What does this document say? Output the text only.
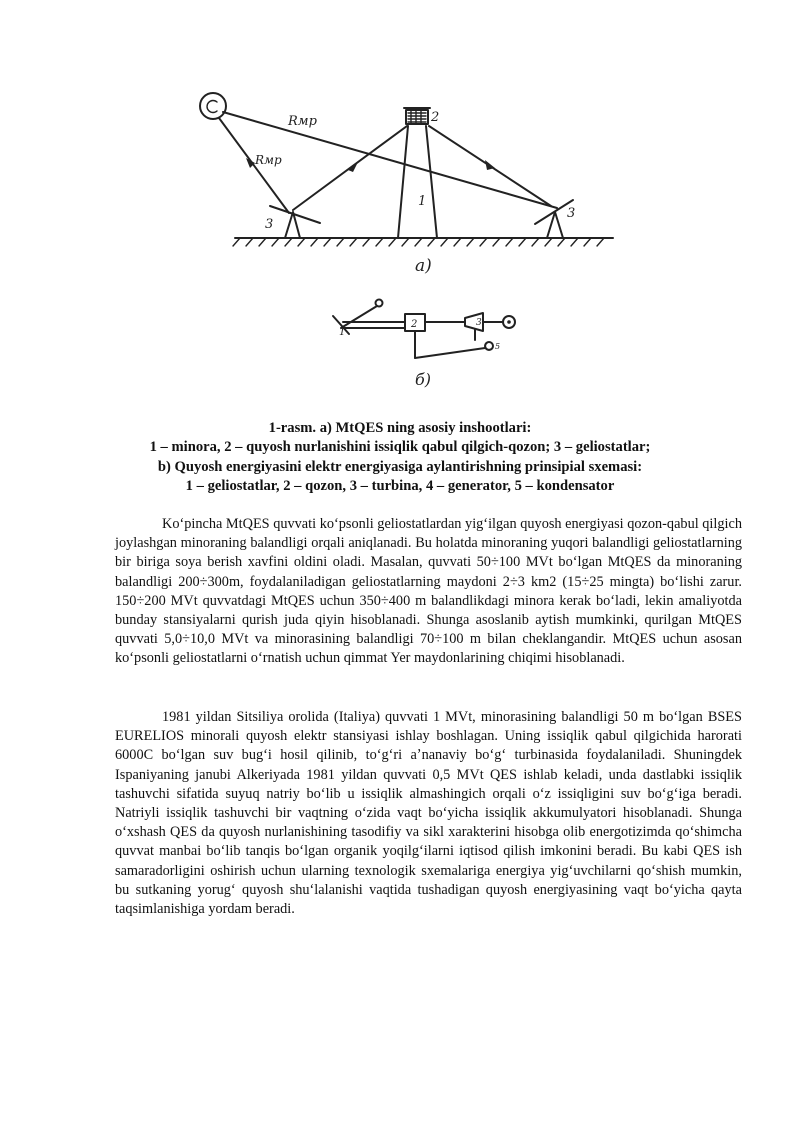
Rмр
Rмр
2
1
3
3
a)
1
2	3
5
б)
1-rasm. a) MtQES ning asosiy inshootlari:
1 – minora, 2 – quyosh nurlanishini issiqlik qabul qilgich-qozon; 3 – geliostatlar;
b) Quyosh energiyasini elektr energiyasiga aylantirishning prinsipial sxemasi:
1 – geliostatlar, 2 – qozon, 3 – turbina, 4 – generator, 5 – kondensator

Koʻpincha MtQES quvvati koʻpsonli geliostatlardan yigʻilgan quyosh energiyasi qozon-qabul qilgich joylashgan minoraning balandligi orqali aniqlanadi. Bu holatda minoraning yuqori balandligi geliostatlarning bir biriga soya berish xavfini oldini oladi. Masalan, quvvati 50÷100 MVt boʻlgan MtQES da minoraning balandligi 200÷300m, foydalaniladigan geliostatlarning maydoni 2÷3 km2 (15÷25 mingta) boʻlishi zarur. 150÷200 MVt quvvatdagi MtQES uchun 350÷400 m balandlikdagi minora kerak boʻladi, lekin amaliyotda bunday stansiyalarni qurish juda qiyin hisoblanadi. Shunga asoslanib aytish mumkinki, qurilgan MtQES quvvati 5,0÷10,0 MVt va minorasining balandligi 70÷100 m bilan cheklangandir. MtQES uchun asosan koʻpsonli geliostatlarni oʻrnatish uchun qimmat Yer maydonlarining chiqimi hisoblanadi.

1981 yildan Sitsiliya orolida (Italiya) quvvati 1 MVt, minorasining balandligi 50 m boʻlgan BSES EURELIOS minorali quyosh elektr stansiyasi ishlay boshlagan. Uning issiqlik qabul qilgichida harorati 6000C boʻlgan suv bugʻi hosil qilinib, toʻgʻri aʼnanaviy boʻgʻ turbinasida foydalaniladi. Shuningdek Ispaniyaning janubi Alkeriyada 1981 yildan quvvati 0,5 MVt QES ishlab keladi, unda dastlabki issiqlik tashuvchi sifatida suyuq natriy boʻlib u issiqlik almashingich orqali oʻz issiqligini suv boʻgʻiga beradi. Natriyli issiqlik tashuvchi bir vaqtning oʻzida vaqt boʻyicha issiqlik akkumulyatori hisoblanadi. Shunga oʻxshash QES da quyosh nurlanishining tasodifiy va sikl xarakterini hisobga olib energotizimda qoʻshimcha quvvat manbai boʻlib tanqis boʻlgan organik yoqilgʻilarni iqtisod qilish imkonini beradi. Bu kabi QES ish samaradorligini oshirish uchun ularning texnologik sxemalariga energiya yigʻuvchilarni qoʻshish mumkin, bu sutkaning yorugʻ quyosh shuʻlalanishi vaqtida tushadigan quyosh energiyasining vaqt boʻyicha qayta taqsimlanishiga yordam beradi.
